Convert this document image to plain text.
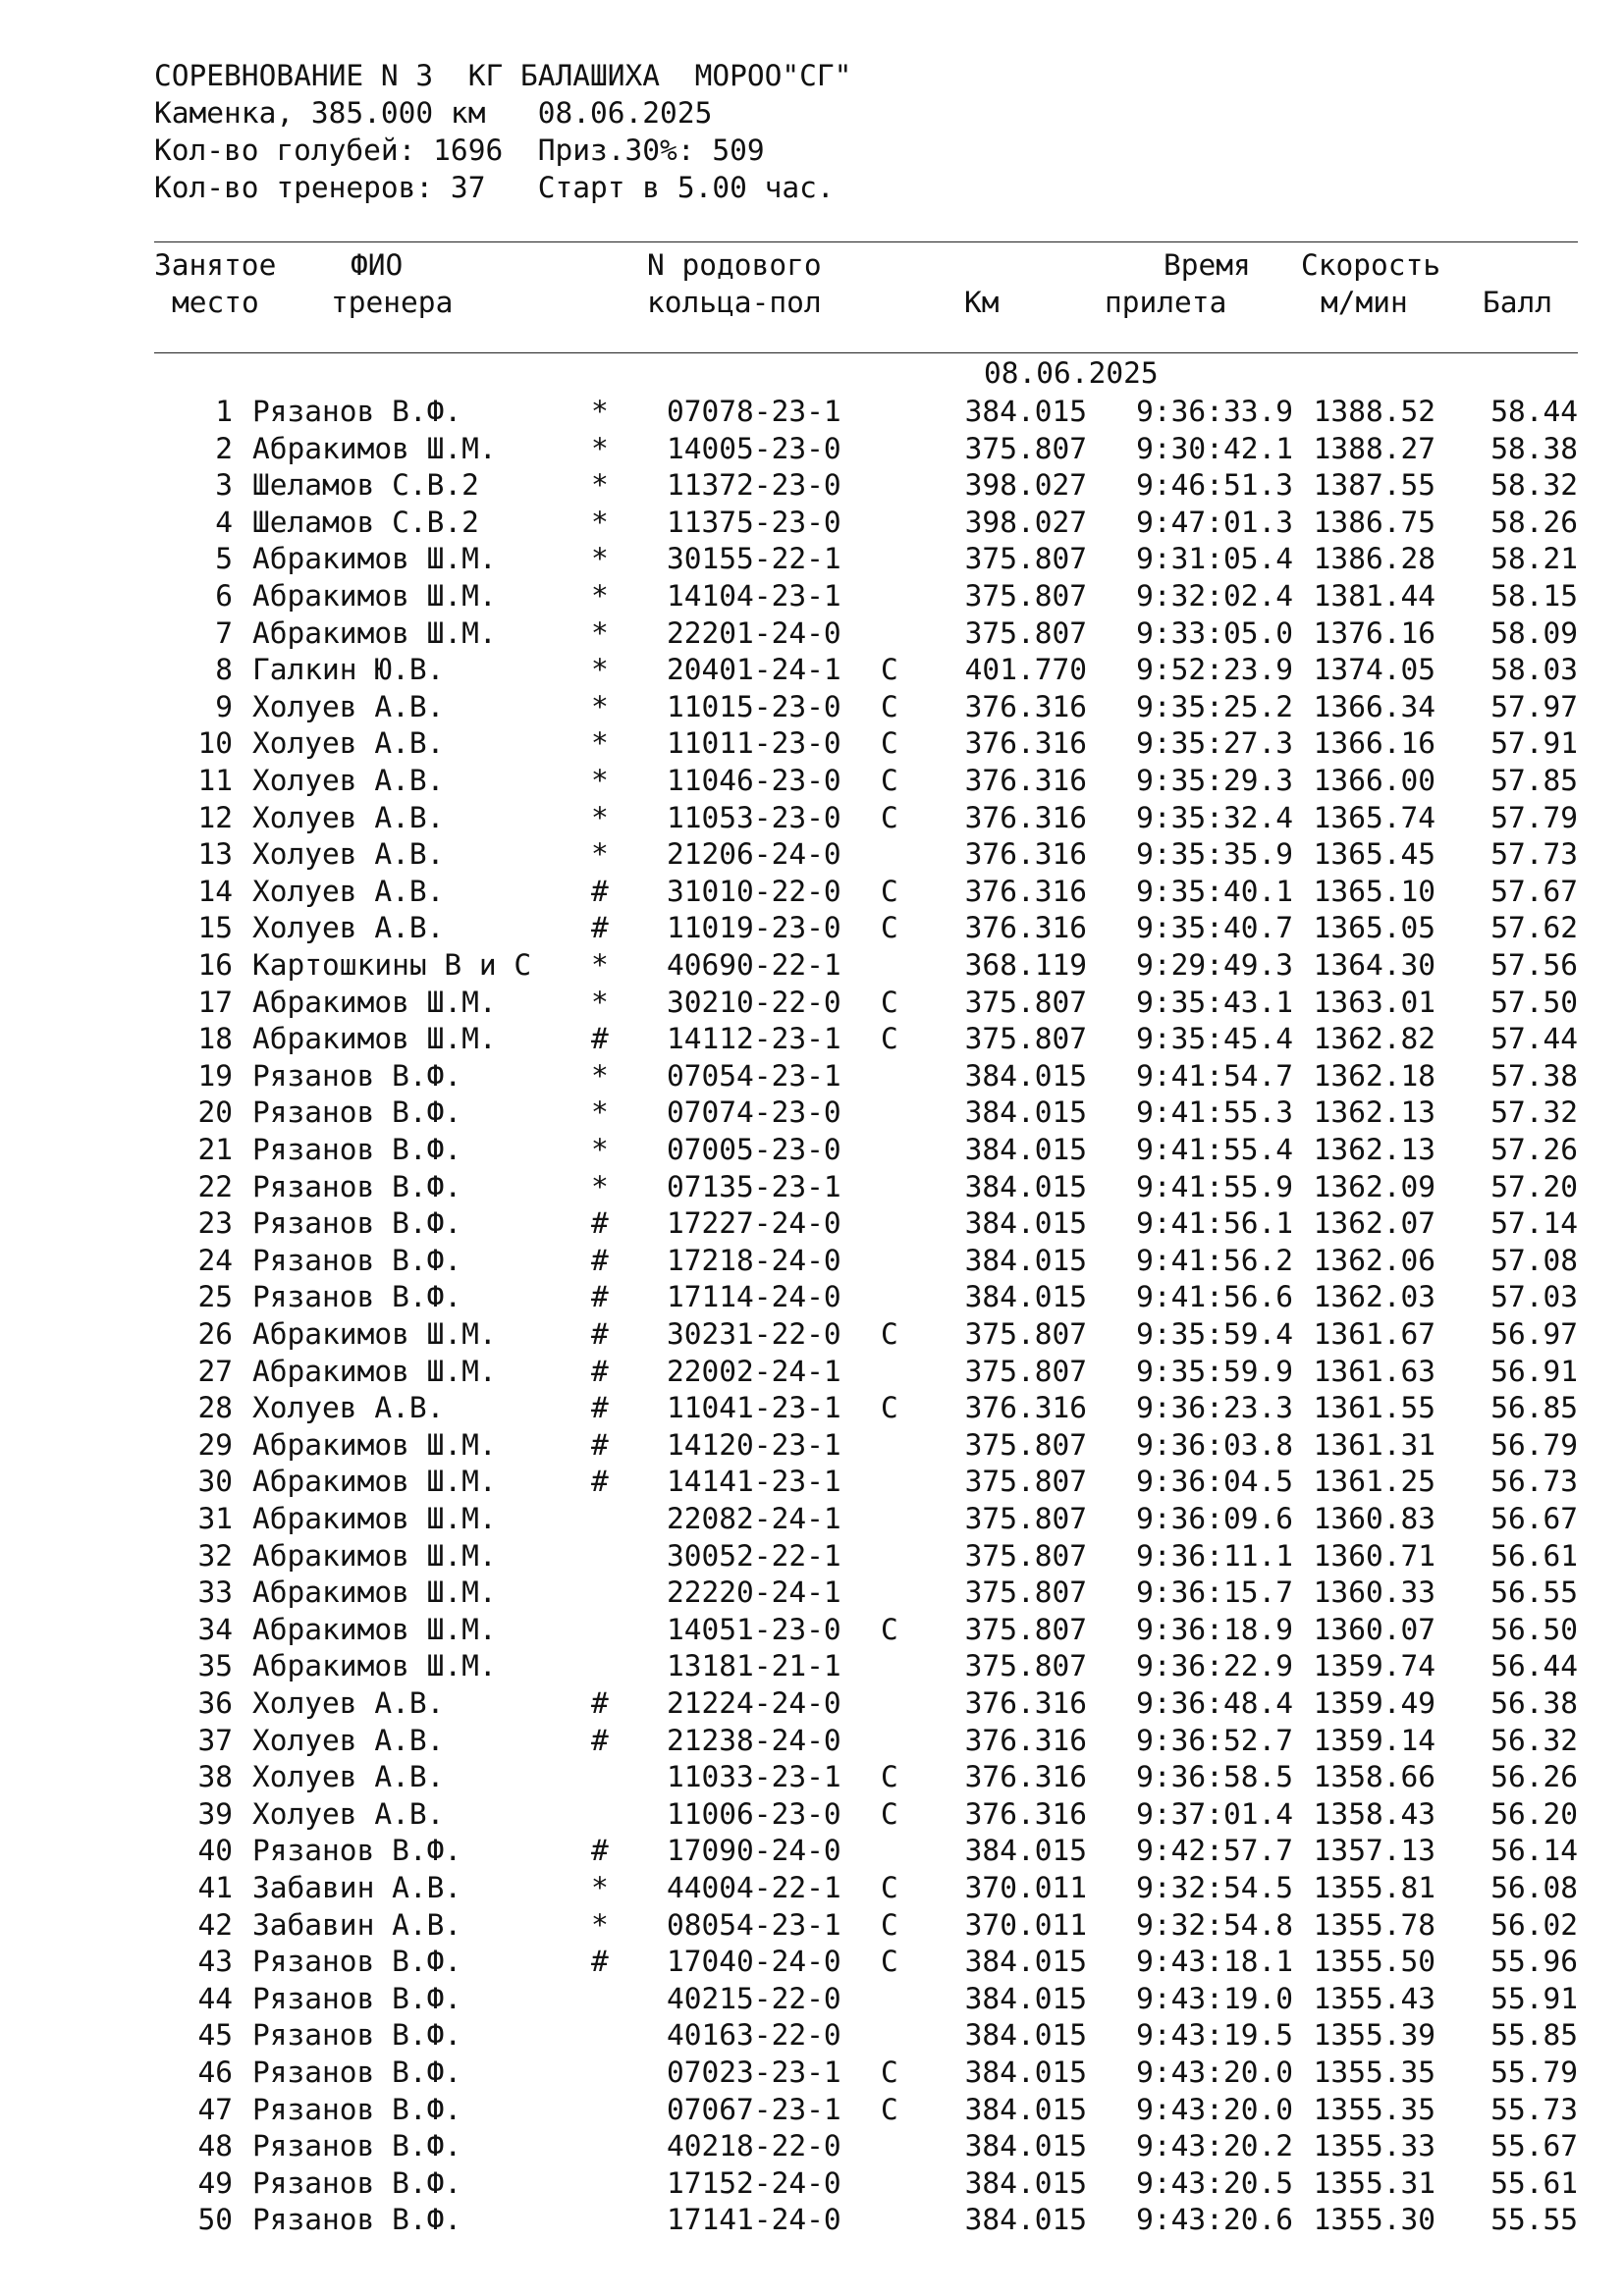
СОРЕВНОВАНИЕ N 3  КГ БАЛАШИХА  МОРОО"СГ"
Каменка, 385.000 км   08.06.2025
Кол-во голубей: 1696  Приз.30%: 509
Кол-во тренеров: 37   Старт в 5.00 час.
Занятое
место
ФИО
тренера
N родового
кольца-пол	Км
Время
прилета
Скорость
м/мин	Балл
08.06.2025
1 Рязанов В.Ф.	* 07078-23-1	384.015	9:36:33.9 1388.52	58.44
2 Абракимов Ш.М.	* 14005-23-0	375.807	9:30:42.1 1388.27	58.38
3 Шеламов С.В.2	* 11372-23-0	398.027	9:46:51.3 1387.55	58.32
4 Шеламов С.В.2	* 11375-23-0	398.027	9:47:01.3 1386.75	58.26
5 Абракимов Ш.М.	* 30155-22-1	375.807	9:31:05.4 1386.28	58.21
6 Абракимов Ш.М.	* 14104-23-1	375.807	9:32:02.4 1381.44	58.15
7 Абракимов Ш.М.	* 22201-24-0	375.807	9:33:05.0 1376.16	58.09
8 Галкин Ю.В.	* 20401-24-1 C	401.770	9:52:23.9 1374.05	58.03
9 Холуев А.В.	* 11015-23-0 C	376.316	9:35:25.2 1366.34	57.97
10 Холуев А.В.	* 11011-23-0 C	376.316	9:35:27.3 1366.16	57.91
11 Холуев А.В.	* 11046-23-0 C	376.316	9:35:29.3 1366.00	57.85
12 Холуев А.В.	* 11053-23-0 C	376.316	9:35:32.4 1365.74	57.79
13 Холуев А.В.	* 21206-24-0	376.316	9:35:35.9 1365.45	57.73
14 Холуев А.В.	# 31010-22-0 C	376.316	9:35:40.1 1365.10	57.67
15 Холуев А.В.	# 11019-23-0 C	376.316	9:35:40.7 1365.05	57.62
16 Картошкины В и С * 40690-22-1	368.119	9:29:49.3 1364.30	57.56
17 Абракимов Ш.М.	* 30210-22-0 C	375.807	9:35:43.1 1363.01	57.50
18 Абракимов Ш.М.	# 14112-23-1 C	375.807	9:35:45.4 1362.82	57.44
19 Рязанов В.Ф.	* 07054-23-1	384.015	9:41:54.7 1362.18	57.38
20 Рязанов В.Ф.	* 07074-23-0	384.015	9:41:55.3 1362.13	57.32
21 Рязанов В.Ф.	* 07005-23-0	384.015	9:41:55.4 1362.13	57.26
22 Рязанов В.Ф.	* 07135-23-1	384.015	9:41:55.9 1362.09	57.20
23 Рязанов В.Ф.	# 17227-24-0	384.015	9:41:56.1 1362.07	57.14
24 Рязанов В.Ф.	# 17218-24-0	384.015	9:41:56.2 1362.06	57.08
25 Рязанов В.Ф.	# 17114-24-0	384.015	9:41:56.6 1362.03	57.03
26 Абракимов Ш.М.	# 30231-22-0 C	375.807	9:35:59.4 1361.67	56.97
27 Абракимов Ш.М.	# 22002-24-1	375.807	9:35:59.9 1361.63	56.91
28 Холуев А.В.	# 11041-23-1 C	376.316	9:36:23.3 1361.55	56.85
29 Абракимов Ш.М.	# 14120-23-1	375.807	9:36:03.8 1361.31	56.79
30 Абракимов Ш.М.	# 14141-23-1	375.807	9:36:04.5 1361.25	56.73
31 Абракимов Ш.М.	22082-24-1	375.807	9:36:09.6 1360.83	56.67
32 Абракимов Ш.М.	30052-22-1	375.807	9:36:11.1 1360.71	56.61
33 Абракимов Ш.М.	22220-24-1	375.807	9:36:15.7 1360.33	56.55
34 Абракимов Ш.М.	14051-23-0 C	375.807	9:36:18.9 1360.07	56.50
35 Абракимов Ш.М.	13181-21-1	375.807	9:36:22.9 1359.74	56.44
36 Холуев А.В.	# 21224-24-0	376.316	9:36:48.4 1359.49	56.38
37 Холуев А.В.	# 21238-24-0	376.316	9:36:52.7 1359.14	56.32
38 Холуев А.В.	11033-23-1 C	376.316	9:36:58.5 1358.66	56.26
39 Холуев А.В.	11006-23-0 C	376.316	9:37:01.4 1358.43	56.20
40 Рязанов В.Ф.	# 17090-24-0	384.015	9:42:57.7 1357.13	56.14
41 Забавин А.В.	* 44004-22-1 C	370.011	9:32:54.5 1355.81	56.08
42 Забавин А.В.	* 08054-23-1 C	370.011	9:32:54.8 1355.78	56.02
43 Рязанов В.Ф.	# 17040-24-0 C	384.015	9:43:18.1 1355.50	55.96
44 Рязанов В.Ф.	40215-22-0	384.015	9:43:19.0 1355.43	55.91
45 Рязанов В.Ф.	40163-22-0	384.015	9:43:19.5 1355.39	55.85
46 Рязанов В.Ф.	07023-23-1 C	384.015	9:43:20.0 1355.35	55.79
47 Рязанов В.Ф.	07067-23-1 C	384.015	9:43:20.0 1355.35	55.73
48 Рязанов В.Ф.	40218-22-0	384.015	9:43:20.2 1355.33	55.67
49 Рязанов В.Ф.	17152-24-0	384.015	9:43:20.5 1355.31	55.61
50 Рязанов В.Ф.	17141-24-0	384.015	9:43:20.6 1355.30	55.55
